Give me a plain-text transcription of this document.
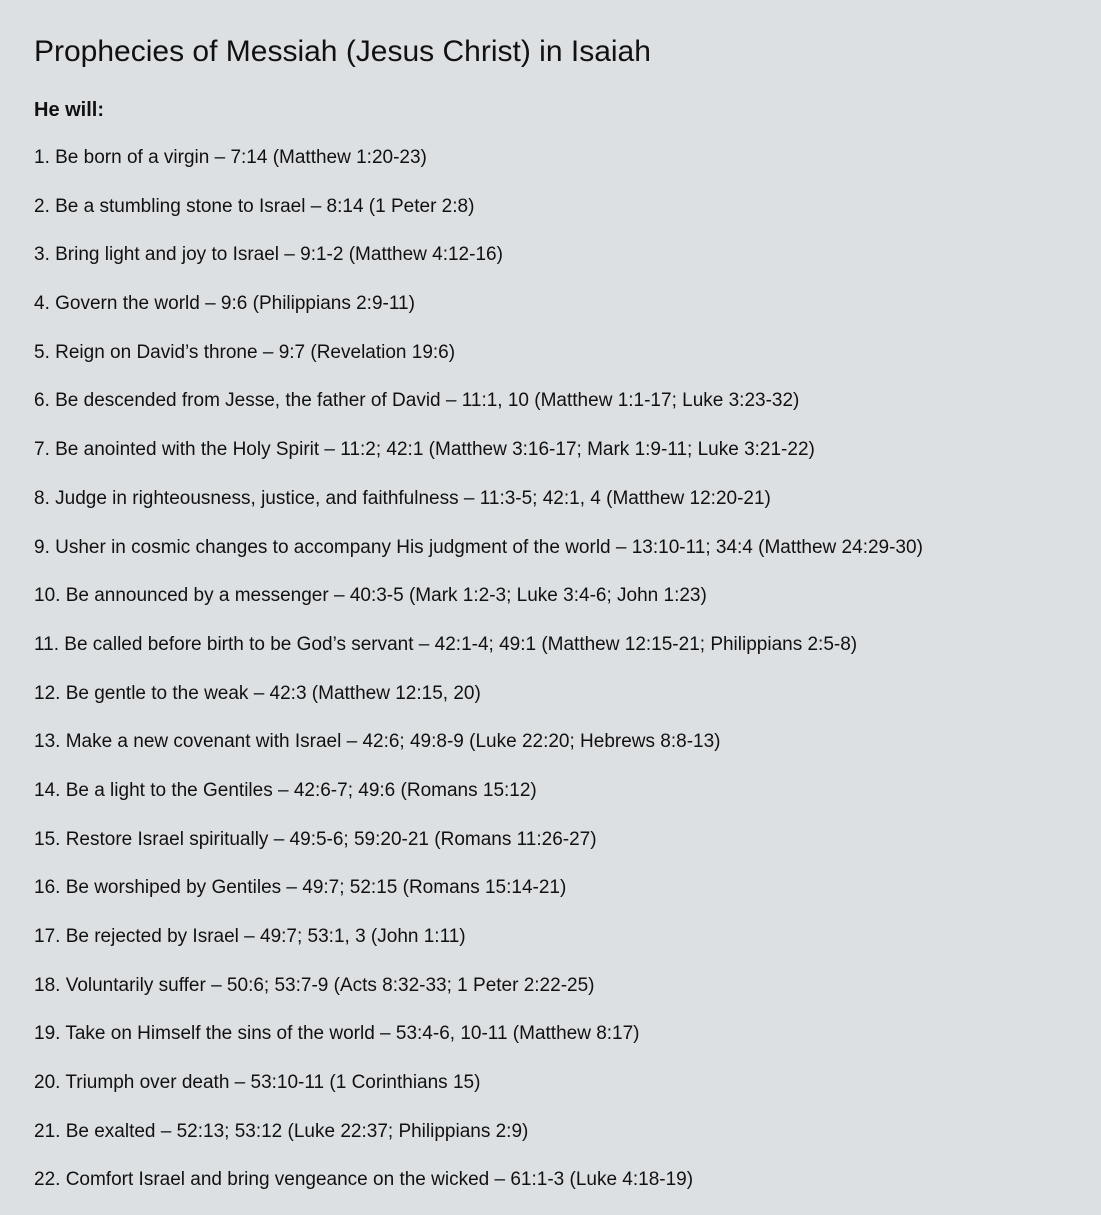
Prophecies of Messiah (Jesus Christ) in Isaiah

He will:

1. Be born of a virgin – 7:14 (Matthew 1:20-23)
2. Be a stumbling stone to Israel – 8:14 (1 Peter 2:8)
3. Bring light and joy to Israel – 9:1-2 (Matthew 4:12-16)
4. Govern the world – 9:6 (Philippians 2:9-11)
5. Reign on David’s throne – 9:7 (Revelation 19:6)
6. Be descended from Jesse, the father of David – 11:1, 10 (Matthew 1:1-17; Luke 3:23-32)
7. Be anointed with the Holy Spirit – 11:2; 42:1 (Matthew 3:16-17; Mark 1:9-11; Luke 3:21-22)
8. Judge in righteousness, justice, and faithfulness – 11:3-5; 42:1, 4 (Matthew 12:20-21)
9. Usher in cosmic changes to accompany His judgment of the world – 13:10-11; 34:4 (Matthew 24:29-30)
10. Be announced by a messenger – 40:3-5 (Mark 1:2-3; Luke 3:4-6; John 1:23)
11. Be called before birth to be God’s servant – 42:1-4; 49:1 (Matthew 12:15-21; Philippians 2:5-8)
12. Be gentle to the weak – 42:3 (Matthew 12:15, 20)
13. Make a new covenant with Israel – 42:6; 49:8-9 (Luke 22:20; Hebrews 8:8-13)
14. Be a light to the Gentiles – 42:6-7; 49:6 (Romans 15:12)
15. Restore Israel spiritually – 49:5-6; 59:20-21 (Romans 11:26-27)
16. Be worshiped by Gentiles – 49:7; 52:15 (Romans 15:14-21)
17. Be rejected by Israel – 49:7; 53:1, 3 (John 1:11)
18. Voluntarily suffer – 50:6; 53:7-9 (Acts 8:32-33; 1 Peter 2:22-25)
19. Take on Himself the sins of the world – 53:4-6, 10-11 (Matthew 8:17)
20. Triumph over death – 53:10-11 (1 Corinthians 15)
21. Be exalted – 52:13; 53:12 (Luke 22:37; Philippians 2:9)
22. Comfort Israel and bring vengeance on the wicked – 61:1-3 (Luke 4:18-19)
